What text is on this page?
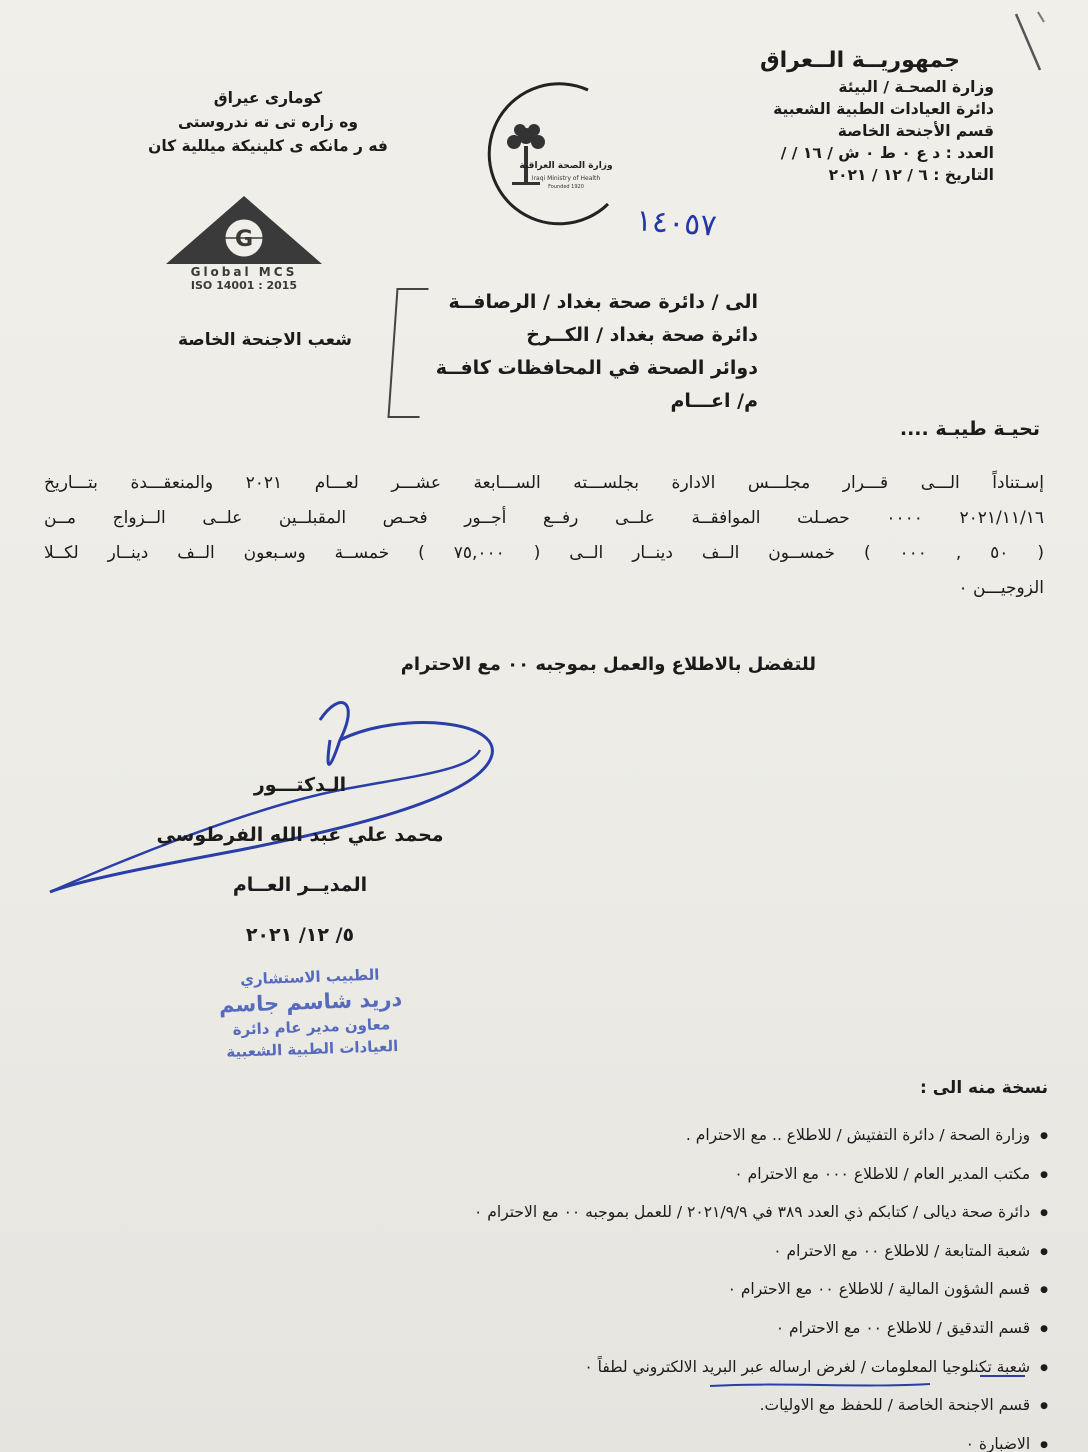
جمهوريــة الــعراق
وزارة الصحـة / البيئة
دائرة العيادات الطبية الشعبية
قسم الأجنحة الخاصة
العدد : د ع ٠ ط ٠ ش / ١٦ / /
التاريخ : ٦ / ١٢ / ٢٠٢١
كومارى عيراق
وه زاره تى ته ندروستى
فه ر مانكه ى كلينيكة ميللية كان
وزارة الصحة العراقية
Iraqi Ministry of Health
Founded 1920
G
Global MCS
ISO 14001 : 2015
١٤٠٥٧
الى / دائرة صحة بغداد / الرصافــة
دائرة صحة بغداد / الكــرخ
دوائر الصحة في المحافظات كافــة
م/ اعـــام
شعب الاجنحة الخاصة
تحيـة طيبـة ....
إسـتناداً الـــى قـــرار مجلـــس الادارة بجلســـته الســـابعة عشـــر لعـــام ٢٠٢١ والمنعقـــدة بتـــاريخ
٢٠٢١/١١/١٦ ٠٠٠٠ حصـلت الموافقــة علــى رفــع أجــور فحـص المقبلــين علــى الــزواج مــن
( ٥٠ , ٠٠٠ ) خمســون الــف دينــار الــى ( ٧٥,٠٠٠ ) خمســة وسـبعون الــف دينــار لكــلا
الزوجيـــن ٠
للتفضل بالاطلاع والعمل بموجبه ٠٠ مع الاحترام
الـدكتـــور
محمد علي عبد الله الفرطوسي
المديــر العــام
٥/ ١٢/ ٢٠٢١
الطبيب الاستشاري
دريد شاسم جاسم
معاون مدير عام دائرة
العيادات الطبية الشعبية
نسخة منه الى :
● وزارة الصحة / دائرة التفتيش / للاطلاع .. مع الاحترام .
● مكتب المدير العام / للاطلاع ٠٠٠ مع الاحترام ٠
● دائرة صحة ديالى / كتابكم ذي العدد ٣٨٩ في ٢٠٢١/٩/٩ / للعمل بموجبه ٠٠ مع الاحترام ٠
● شعبة المتابعة / للاطلاع ٠٠ مع الاحترام ٠
● قسم الشؤون المالية / للاطلاع ٠٠ مع الاحترام ٠
● قسم التدقيق / للاطلاع ٠٠ مع الاحترام ٠
● شعبة تكنلوجيا المعلومات / لغرض ارساله عبر البريد الالكتروني لطفاً ٠
● قسم الاجنحة الخاصة / للحفظ مع الاوليات.
● الاضبارة ٠
